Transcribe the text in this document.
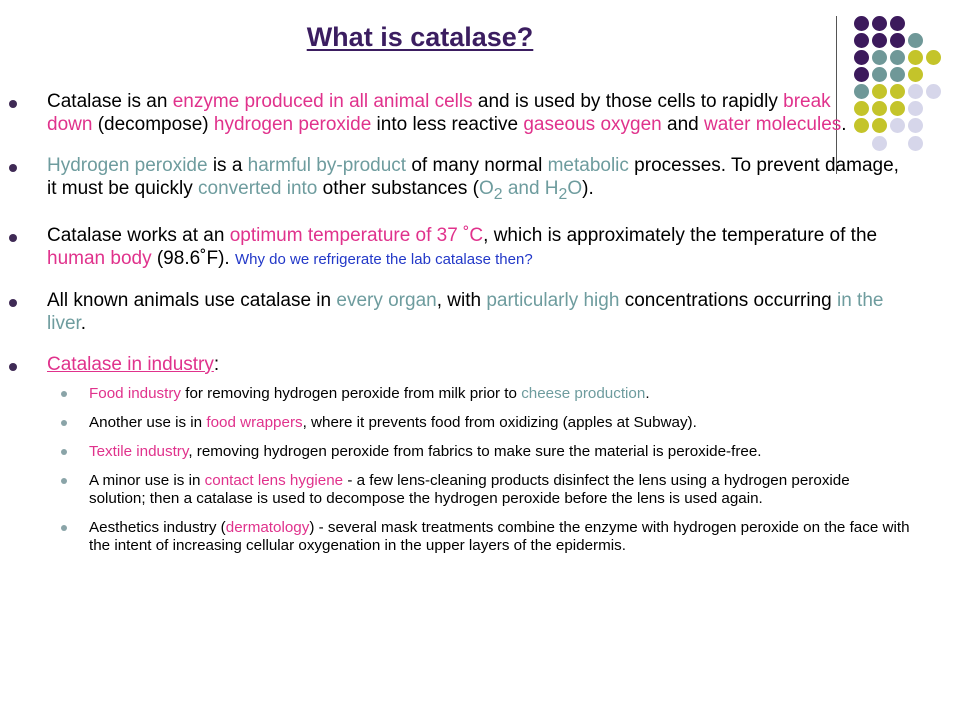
What is catalase?
Catalase is an enzyme produced in all animal cells and is used by those cells to rapidly break down (decompose) hydrogen peroxide into less reactive gaseous oxygen and water molecules.
Hydrogen peroxide is a harmful by-product of many normal metabolic processes. To prevent damage, it must be quickly converted into other substances ($O_2$ and $H_2O$).
Catalase works at an optimum temperature of 37 ˚C, which is approximately the temperature of the human body (98.6˚F). Why do we refrigerate the lab catalase then?
All known animals use catalase in every organ, with particularly high concentrations occurring in the liver.
Catalase in industry:
Food industry for removing hydrogen peroxide from milk prior to cheese production.
Another use is in food wrappers, where it prevents food from oxidizing (apples at Subway).
Textile industry, removing hydrogen peroxide from fabrics to make sure the material is peroxide-free.
A minor use is in contact lens hygiene - a few lens-cleaning products disinfect the lens using a hydrogen peroxide solution; then a catalase is used to decompose the hydrogen peroxide before the lens is used again.
Aesthetics industry (dermatology) - several mask treatments combine the enzyme with hydrogen peroxide on the face with the intent of increasing cellular oxygenation in the upper layers of the epidermis.
